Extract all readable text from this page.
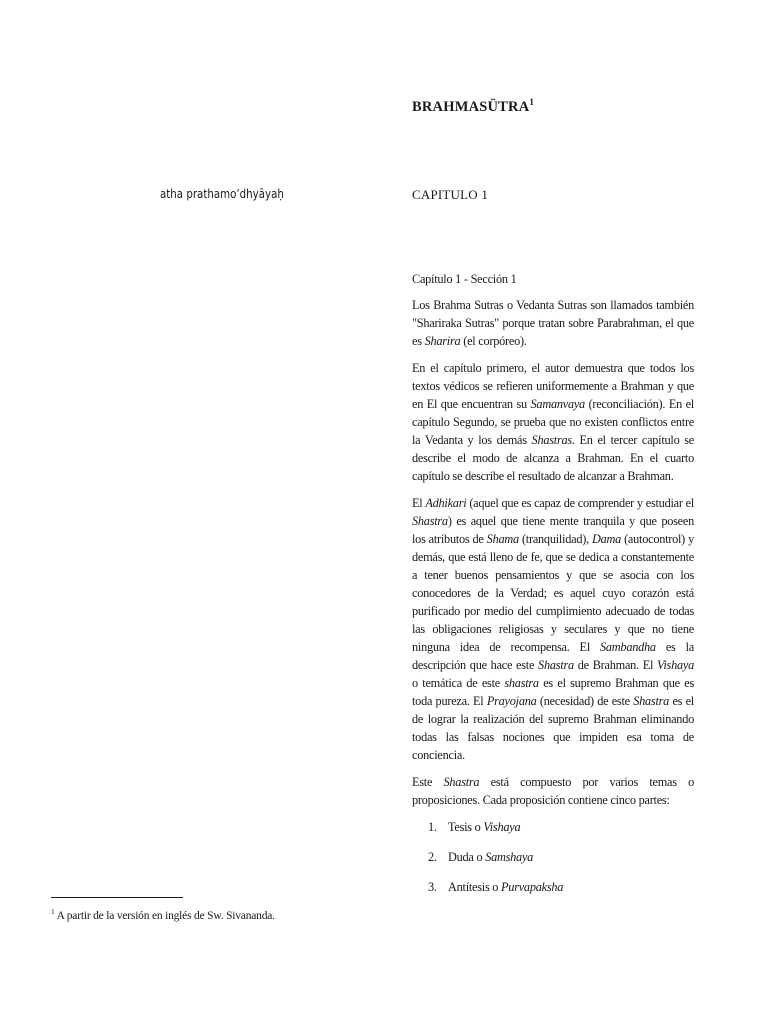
BRAHMASÜTRA$^1$
atha prathamo’dhyāyaḥ	CAPITULO 1

Capítulo 1 - Sección 1

Los Brahma Sutras o Vedanta Sutras son llamados también "Shariraka Sutras" porque tratan sobre Parabrahman, el que es Sharira (el corpóreo).

En el capítulo primero, el autor demuestra que todos los textos védicos se refieren uniformemente a Brahman y que en El que encuentran su Samanvaya (reconciliación). En el capítulo Segundo, se prueba que no existen conflictos entre la Vedanta y los demás Shastras. En el tercer capítulo se describe el modo de alcanza a Brahman. En el cuarto capítulo se describe el resultado de alcanzar a Brahman.

El Adhikari (aquel que es capaz de comprender y estudiar el Shastra) es aquel que tiene mente tranquila y que poseen los atributos de Shama (tranquilidad), Dama (autocontrol) y demás, que está lleno de fe, que se dedica a constantemente a tener buenos pensamientos y que se asocia con los conocedores de la Verdad; es aquel cuyo corazón está purificado por medio del cumplimiento adecuado de todas las obligaciones religiosas y seculares y que no tiene ninguna idea de recompensa. El Sambandha es la descripción que hace este Shastra de Brahman. El Vishaya o temática de este shastra es el supremo Brahman que es toda pureza. El Prayojana (necesidad) de este Shastra es el de lograr la realización del supremo Brahman eliminando todas las falsas nociones que impiden esa toma de conciencia.

Este Shastra está compuesto por varios temas o proposiciones. Cada proposición contiene cinco partes:

1. Tesis o Vishaya
2. Duda o Samshaya
3. Antítesis o Purvapaksha
$^1$ A partir de la versión en inglés de Sw. Sivananda.
